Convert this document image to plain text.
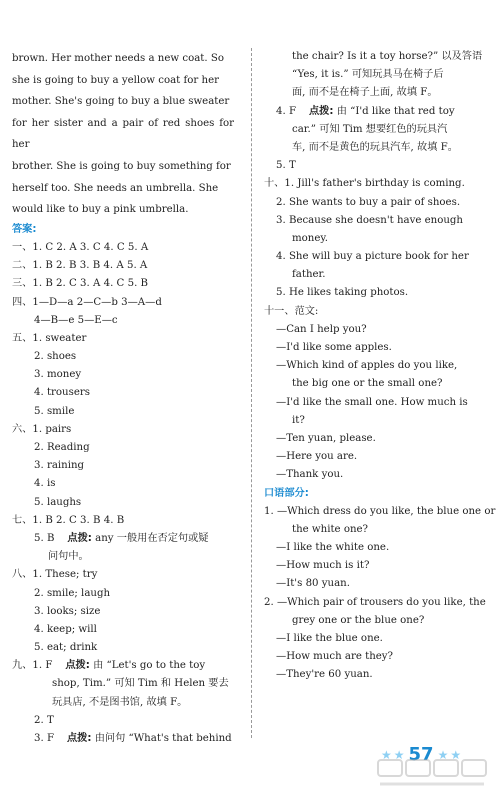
brown. Her mother needs a new coat. So
she is going to buy a yellow coat for her
mother. She's going to buy a blue sweater
for her sister and a pair of red shoes for her
brother. She is going to buy something for
herself too. She needs an umbrella. She
would like to buy a pink umbrella.

答案:
一、1. C 2. A 3. C 4. C 5. A
二、1. B 2. B 3. B 4. A 5. A
三、1. B 2. C 3. A 4. C 5. B
四、1—D—a 2—C—b 3—A—d
4—B—e 5—E—c
五、1. sweater
2. shoes
3. money
4. trousers
5. smile
六、1. pairs
2. Reading
3. raining
4. is
5. laughs
七、1. B 2. C 3. B 4. B
5. B 点拨: any 一般用在否定句或疑
问句中。
八、1. These; try
2. smile; laugh
3. looks; size
4. keep; will
5. eat; drink
九、1. F 点拨: 由 “Let's go to the toy
shop, Tim.” 可知 Tim 和 Helen 要去
玩具店, 不是图书馆, 故填 F。
2. T
3. F 点拨: 由问句 “What's that behind
the chair? Is it a toy horse?” 以及答语
“Yes, it is.” 可知玩具马在椅子后
面, 而不是在椅子上面, 故填 F。
4. F 点拨: 由 “I'd like that red toy
car.” 可知 Tim 想要红色的玩具汽
车, 而不是黄色的玩具汽车, 故填 F。
5. T
十、1. Jill's father's birthday is coming.
2. She wants to buy a pair of shoes.
3. Because she doesn't have enough
money.
4. She will buy a picture book for her
father.
5. He likes taking photos.
十一、范文:
—Can I help you?
—I'd like some apples.
—Which kind of apples do you like,
the big one or the small one?
—I'd like the small one. How much is
it?
—Ten yuan, please.
—Here you are.
—Thank you.
口语部分:
1. —Which dress do you like, the blue one or
the white one?
—I like the white one.
—How much is it?
—It's 80 yuan.
2. —Which pair of trousers do you like, the
grey one or the blue one?
—I like the blue one.
—How much are they?
—They're 60 yuan.
★ ★ 57 ★ ★
